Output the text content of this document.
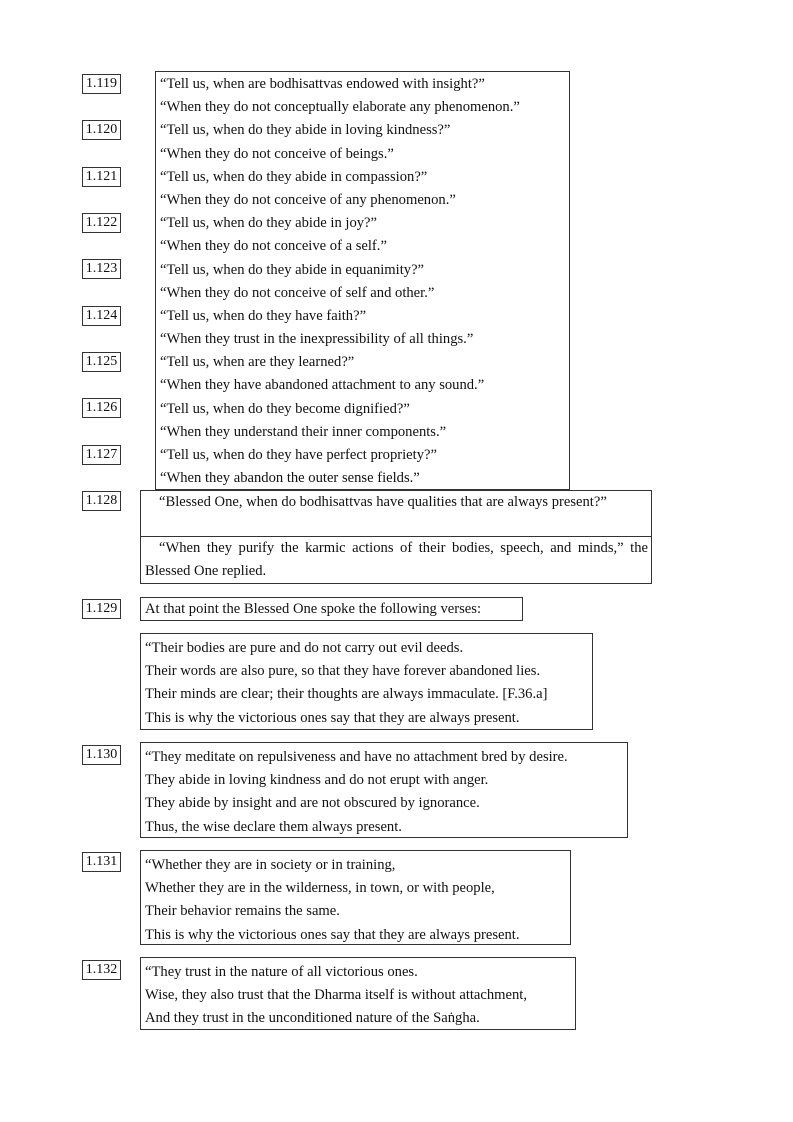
1.119
1.120
1.121
1.122
1.123
1.124
1.125
1.126
1.127
“Tell us, when are bodhisattvas endowed with insight?”
“When they do not conceptually elaborate any phenomenon.”
“Tell us, when do they abide in loving kindness?”
“When they do not conceive of beings.”
“Tell us, when do they abide in compassion?”
“When they do not conceive of any phenomenon.”
“Tell us, when do they abide in joy?”
“When they do not conceive of a self.”
“Tell us, when do they abide in equanimity?”
“When they do not conceive of self and other.”
“Tell us, when do they have faith?”
“When they trust in the inexpressibility of all things.”
“Tell us, when are they learned?”
“When they have abandoned attachment to any sound.”
“Tell us, when do they become dignified?”
“When they understand their inner components.”
“Tell us, when do they have perfect propriety?”
“When they abandon the outer sense fields.”
1.128	“Blessed One, when do bodhisattvas have qualities that are always present?”
“When they purify the karmic actions of their bodies, speech, and minds,” the Blessed One replied.
1.129 At that point the Blessed One spoke the following verses:
“Their bodies are pure and do not carry out evil deeds.
Their words are also pure, so that they have forever abandoned lies.
Their minds are clear; their thoughts are always immaculate. [F.36.a]
This is why the victorious ones say that they are always present.
1.130 “They meditate on repulsiveness and have no attachment bred by desire.
They abide in loving kindness and do not erupt with anger.
They abide by insight and are not obscured by ignorance.
Thus, the wise declare them always present.
1.131 “Whether they are in society or in training,
Whether they are in the wilderness, in town, or with people,
Their behavior remains the same.
This is why the victorious ones say that they are always present.
1.132 “They trust in the nature of all victorious ones.
Wise, they also trust that the Dharma itself is without attachment,
And they trust in the unconditioned nature of the Saṅgha.
